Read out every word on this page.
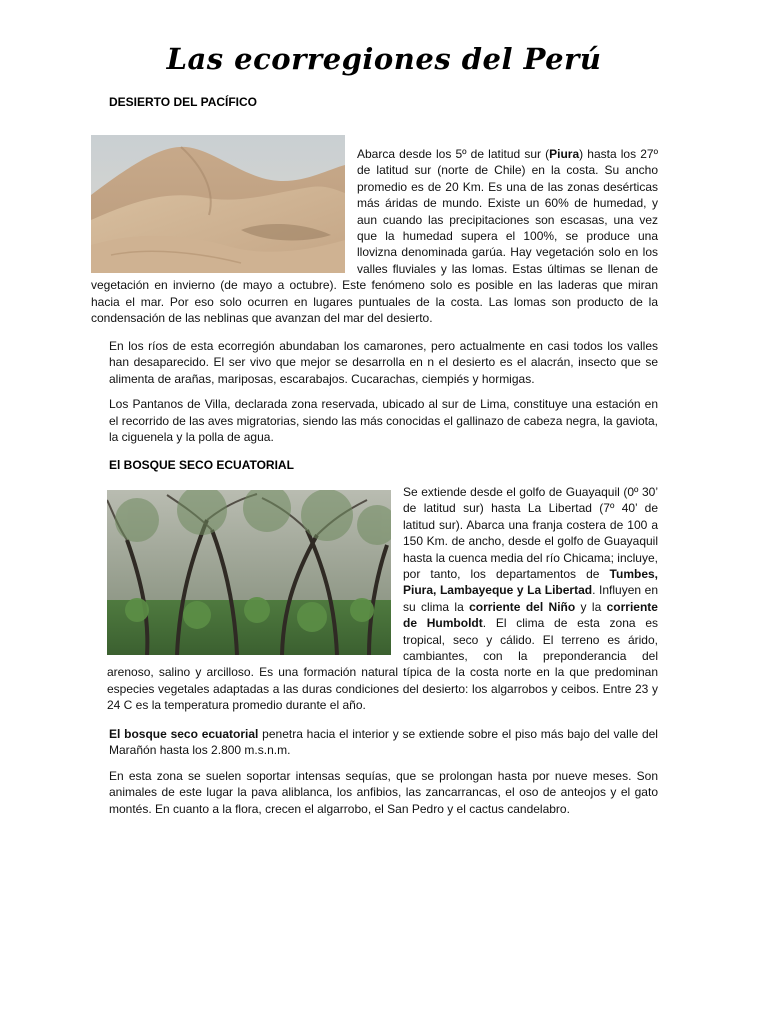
Las ecorregiones del Perú
DESIERTO DEL PACÍFICO

Abarca desde los 5º de latitud sur (Piura) hasta los 27º de latitud sur (norte de Chile) en la costa. Su ancho promedio es de 20 Km. Es una de las zonas desérticas más áridas de mundo. Existe un 60% de humedad, y aun cuando las precipitaciones son escasas, una vez que la humedad supera el 100%, se produce una llovizna denominada garúa. Hay vegetación solo en los valles fluviales y las lomas. Estas últimas se llenan de vegetación en invierno (de mayo a octubre). Este fenómeno solo es posible en las laderas que miran hacia el mar. Por eso solo ocurren en lugares puntuales de la costa. Las lomas son producto de la condensación de las neblinas que avanzan del mar del desierto.

En los ríos de esta ecorregión abundaban los camarones, pero actualmente en casi todos los valles han desaparecido. El ser vivo que mejor se desarrolla en n el desierto es el alacrán, insecto que se alimenta de arañas, mariposas, escarabajos. Cucarachas, ciempiés y hormigas.

Los Pantanos de Villa, declarada zona reservada, ubicado al sur de Lima, constituye una estación en el recorrido de las aves migratorias, siendo las más conocidas el gallinazo de cabeza negra, la gaviota, la ciguenela y la polla de agua.

El BOSQUE SECO ECUATORIAL

Se extiende desde el golfo de Guayaquil (0º 30’ de latitud sur) hasta La Libertad (7º 40’ de latitud sur). Abarca una franja costera de 100 a 150 Km. de ancho, desde el golfo de Guayaquil hasta la cuenca media del río Chicama; incluye, por tanto, los departamentos de Tumbes, Piura, Lambayeque y La Libertad. Influyen en su clima la corriente del Niño y la corriente de Humboldt. El clima de esta zona es tropical, seco y cálido. El terreno es árido, cambiantes, con la preponderancia del arenoso, salino y arcilloso. Es una formación natural típica de la costa norte en la que predominan especies vegetales adaptadas a las duras condiciones del desierto: los algarrobos y ceibos. Entre 23 y 24 C es la temperatura promedio durante el año.

El bosque seco ecuatorial penetra hacia el interior y se extiende sobre el piso más bajo del valle del Marañón hasta los 2.800 m.s.n.m.

En esta zona se suelen soportar intensas sequías, que se prolongan hasta por nueve meses. Son animales de este lugar la pava aliblanca, los anfibios, las zancarrancas, el oso de anteojos y el gato montés. En cuanto a la flora, crecen el algarrobo, el San Pedro y el cactus candelabro.
